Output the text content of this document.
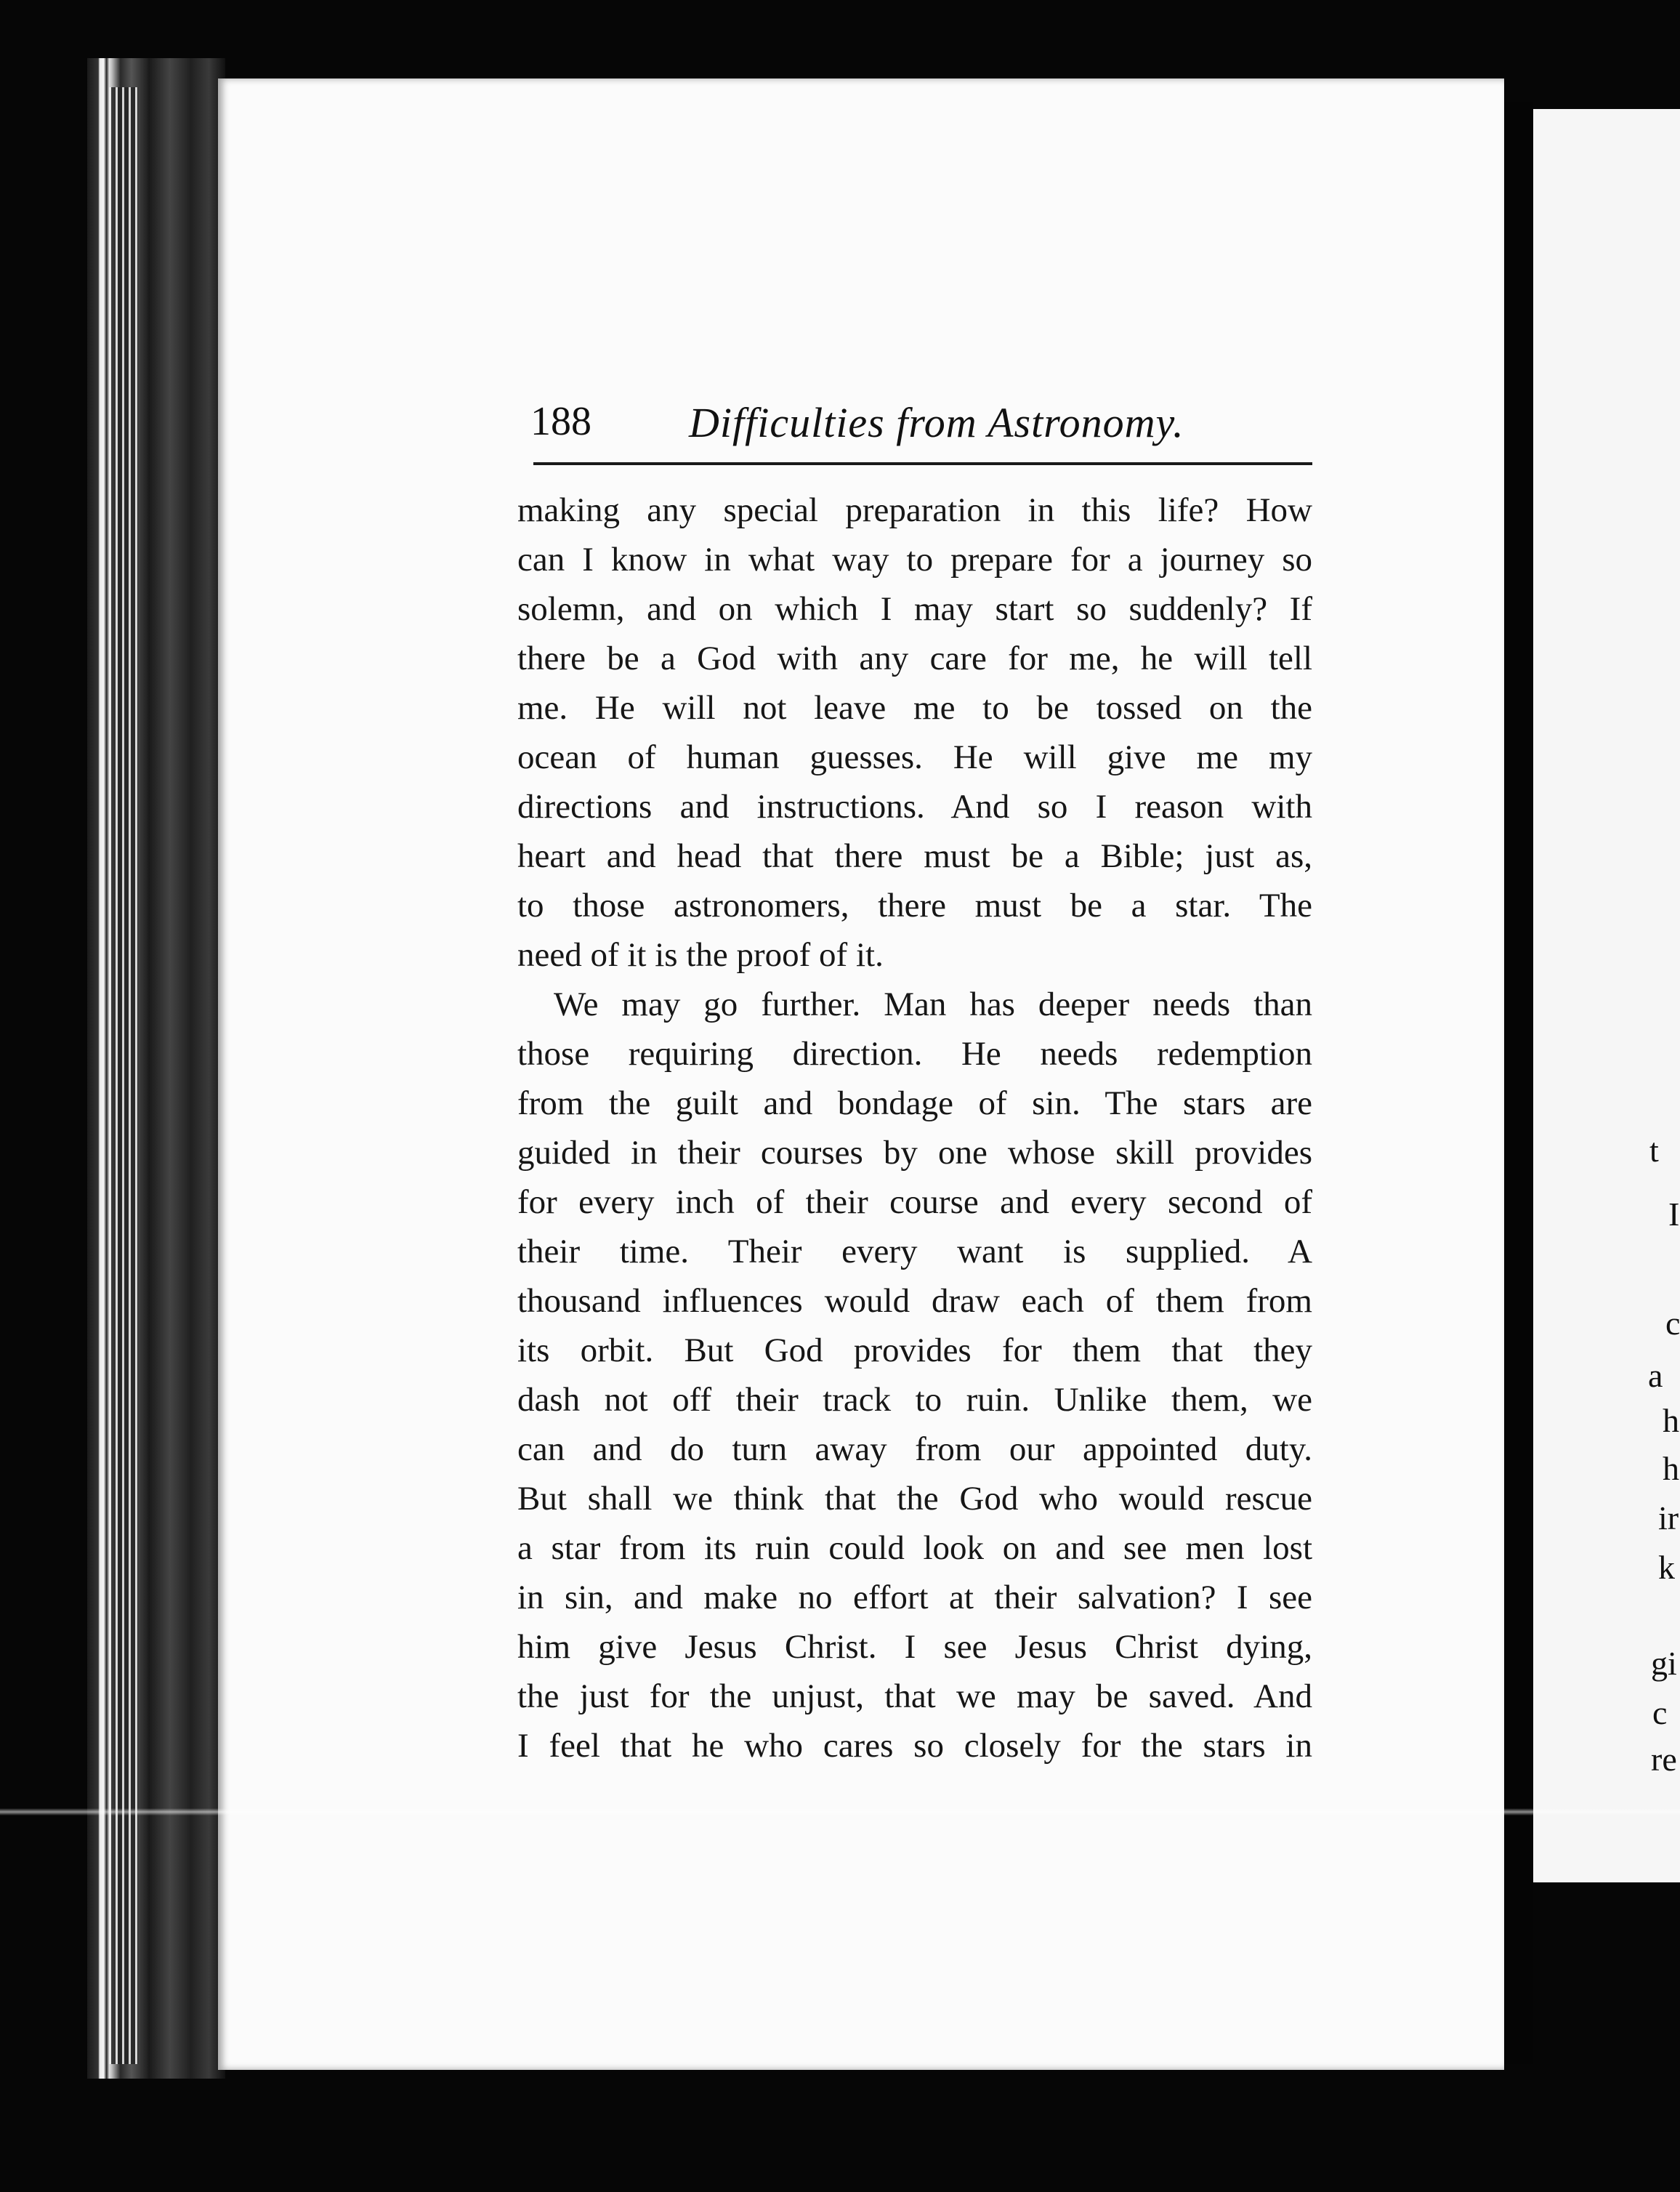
t
I
c
a
h
h
ir
k
gi
c
re
188 Difficulties from Astronomy.
making any special preparation in this life? How
can I know in what way to prepare for a journey so
solemn, and on which I may start so suddenly? If
there be a God with any care for me, he will tell
me. He will not leave me to be tossed on the
ocean of human guesses. He will give me my
directions and instructions. And so I reason with
heart and head that there must be a Bible; just as,
to those astronomers, there must be a star. The
need of it is the proof of it.
We may go further. Man has deeper needs than
those requiring direction. He needs redemption
from the guilt and bondage of sin. The stars are
guided in their courses by one whose skill provides
for every inch of their course and every second of
their time. Their every want is supplied. A
thousand influences would draw each of them from
its orbit. But God provides for them that they
dash not off their track to ruin. Unlike them, we
can and do turn away from our appointed duty.
But shall we think that the God who would rescue
a star from its ruin could look on and see men lost
in sin, and make no effort at their salvation? I see
him give Jesus Christ. I see Jesus Christ dying,
the just for the unjust, that we may be saved. And
I feel that he who cares so closely for the stars in
